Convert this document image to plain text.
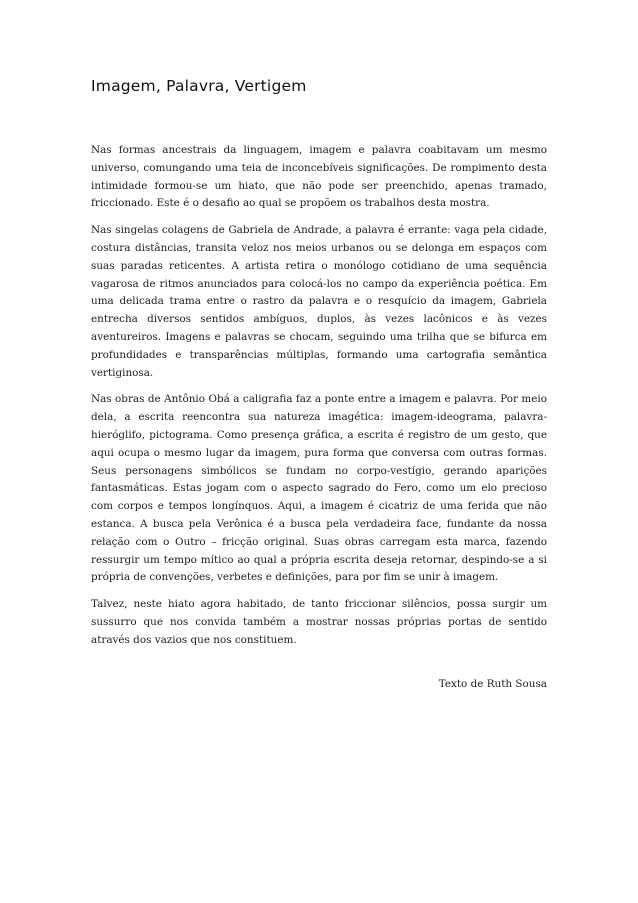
Imagem, Palavra, Vertigem

Nas formas ancestrais da linguagem, imagem e palavra coabitavam um mesmo universo, comungando uma teia de inconcebíveis significações. De rompimento desta intimidade formou-se um hiato, que não pode ser preenchido, apenas tramado, friccionado. Este é o desafio ao qual se propõem os trabalhos desta mostra.

Nas singelas colagens de Gabriela de Andrade, a palavra é errante: vaga pela cidade, costura distâncias, transita veloz nos meios urbanos ou se delonga em espaços com suas paradas reticentes. A artista retira o monólogo cotidiano de uma sequência vagarosa de ritmos anunciados para colocá-los no campo da experiência poética. Em uma delicada trama entre o rastro da palavra e o resquício da imagem, Gabriela entrecha diversos sentidos ambíguos, duplos, às vezes lacônicos e às vezes aventureiros. Imagens e palavras se chocam, seguindo uma trilha que se bifurca em profundidades e transparências múltiplas, formando uma cartografia semântica vertiginosa.

Nas obras de Antônio Obá a caligrafia faz a ponte entre a imagem e palavra. Por meio dela, a escrita reencontra sua natureza imagética: imagem-ideograma, palavra-hieróglifo, pictograma. Como presença gráfica, a escrita é registro de um gesto, que aqui ocupa o mesmo lugar da imagem, pura forma que conversa com outras formas. Seus personagens simbólicos se fundam no corpo-vestígio, gerando aparições fantasmáticas. Estas jogam com o aspecto sagrado do Fero, como um elo precioso com corpos e tempos longínquos. Aqui, a imagem é cicatriz de uma ferida que não estanca. A busca pela Verônica é a busca pela verdadeira face, fundante da nossa relação com o Outro – fricção original. Suas obras carregam esta marca, fazendo ressurgir um tempo mítico ao qual a própria escrita deseja retornar, despindo-se a si própria de convenções, verbetes e definições, para por fim se unir à imagem.

Talvez, neste hiato agora habitado, de tanto friccionar silêncios, possa surgir um sussurro que nos convida também a mostrar nossas próprias portas de sentido através dos vazios que nos constituem.

Texto de Ruth Sousa
